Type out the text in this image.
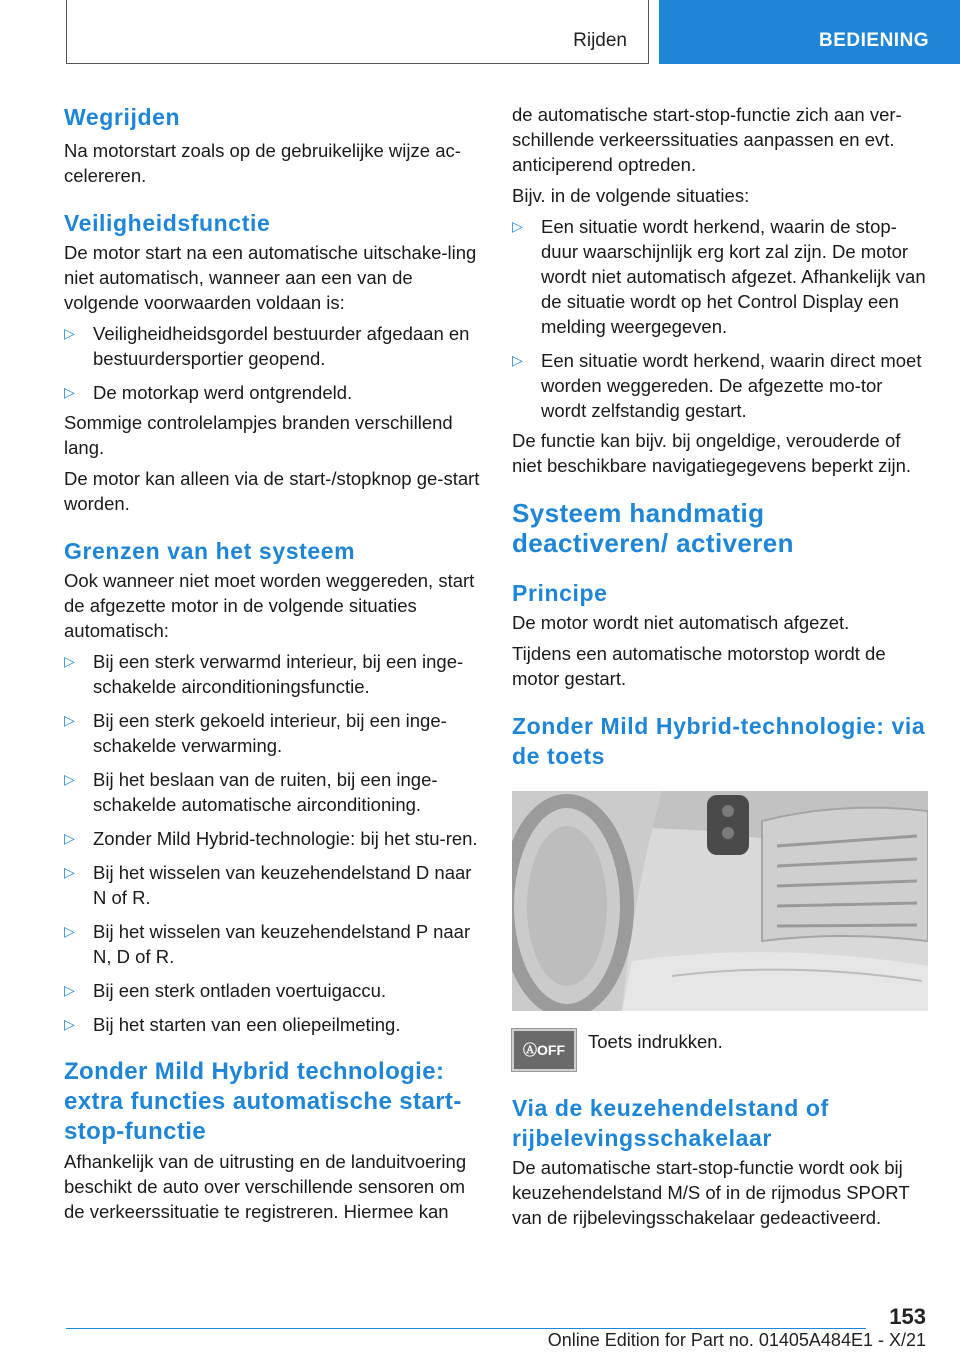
Rijden	BEDIENING
Wegrijden

Na motorstart zoals op de gebruikelijke wijze ac-celereren.

Veiligheidsfunctie

De motor start na een automatische uitschake-ling niet automatisch, wanneer aan een van de volgende voorwaarden voldaan is:

▷ Veiligheidheidsgordel bestuurder afgedaan en bestuurdersportier geopend.
▷ De motorkap werd ontgrendeld.

Sommige controlelampjes branden verschillend lang.

De motor kan alleen via de start-/stopknop ge-start worden.

Grenzen van het systeem

Ook wanneer niet moet worden weggereden, start de afgezette motor in de volgende situaties automatisch:

▷ Bij een sterk verwarmd interieur, bij een inge-schakelde airconditioningsfunctie.
▷ Bij een sterk gekoeld interieur, bij een inge-schakelde verwarming.
▷ Bij het beslaan van de ruiten, bij een inge-schakelde automatische airconditioning.
▷ Zonder Mild Hybrid-technologie: bij het stu-ren.
▷ Bij het wisselen van keuzehendelstand D naar N of R.
▷ Bij het wisselen van keuzehendelstand P naar N, D of R.
▷ Bij een sterk ontladen voertuigaccu.
▷ Bij het starten van een oliepeilmeting.
Zonder Mild Hybrid technologie: extra functies automatische start-stop-functie

Afhankelijk van de uitrusting en de landuitvoering beschikt de auto over verschillende sensoren om de verkeerssituatie te registreren. Hiermee kan

de automatische start-stop-functie zich aan ver-schillende verkeerssituaties aanpassen en evt. anticiperend optreden.

Bijv. in de volgende situaties:

▷ Een situatie wordt herkend, waarin de stop-duur waarschijnlijk erg kort zal zijn. De motor wordt niet automatisch afgezet. Afhankelijk van de situatie wordt op het Control Display een melding weergegeven.
▷ Een situatie wordt herkend, waarin direct moet worden weggereden. De afgezette mo-tor wordt zelfstandig gestart.

De functie kan bijv. bij ongeldige, verouderde of niet beschikbare navigatiegegevens beperkt zijn.

Systeem handmatig deactiveren/ activeren
Principe

De motor wordt niet automatisch afgezet.

Tijdens een automatische motorstop wordt de motor gestart.

Zonder Mild Hybrid-technologie: via de toets
ⒶOFF	Toets indrukken.
Via de keuzehendelstand of rijbelevingsschakelaar

De automatische start-stop-functie wordt ook bij keuzehendelstand M/S of in de rijmodus SPORT van de rijbelevingsschakelaar gedeactiveerd.

153
Online Edition for Part no. 01405A484E1 - X/21
